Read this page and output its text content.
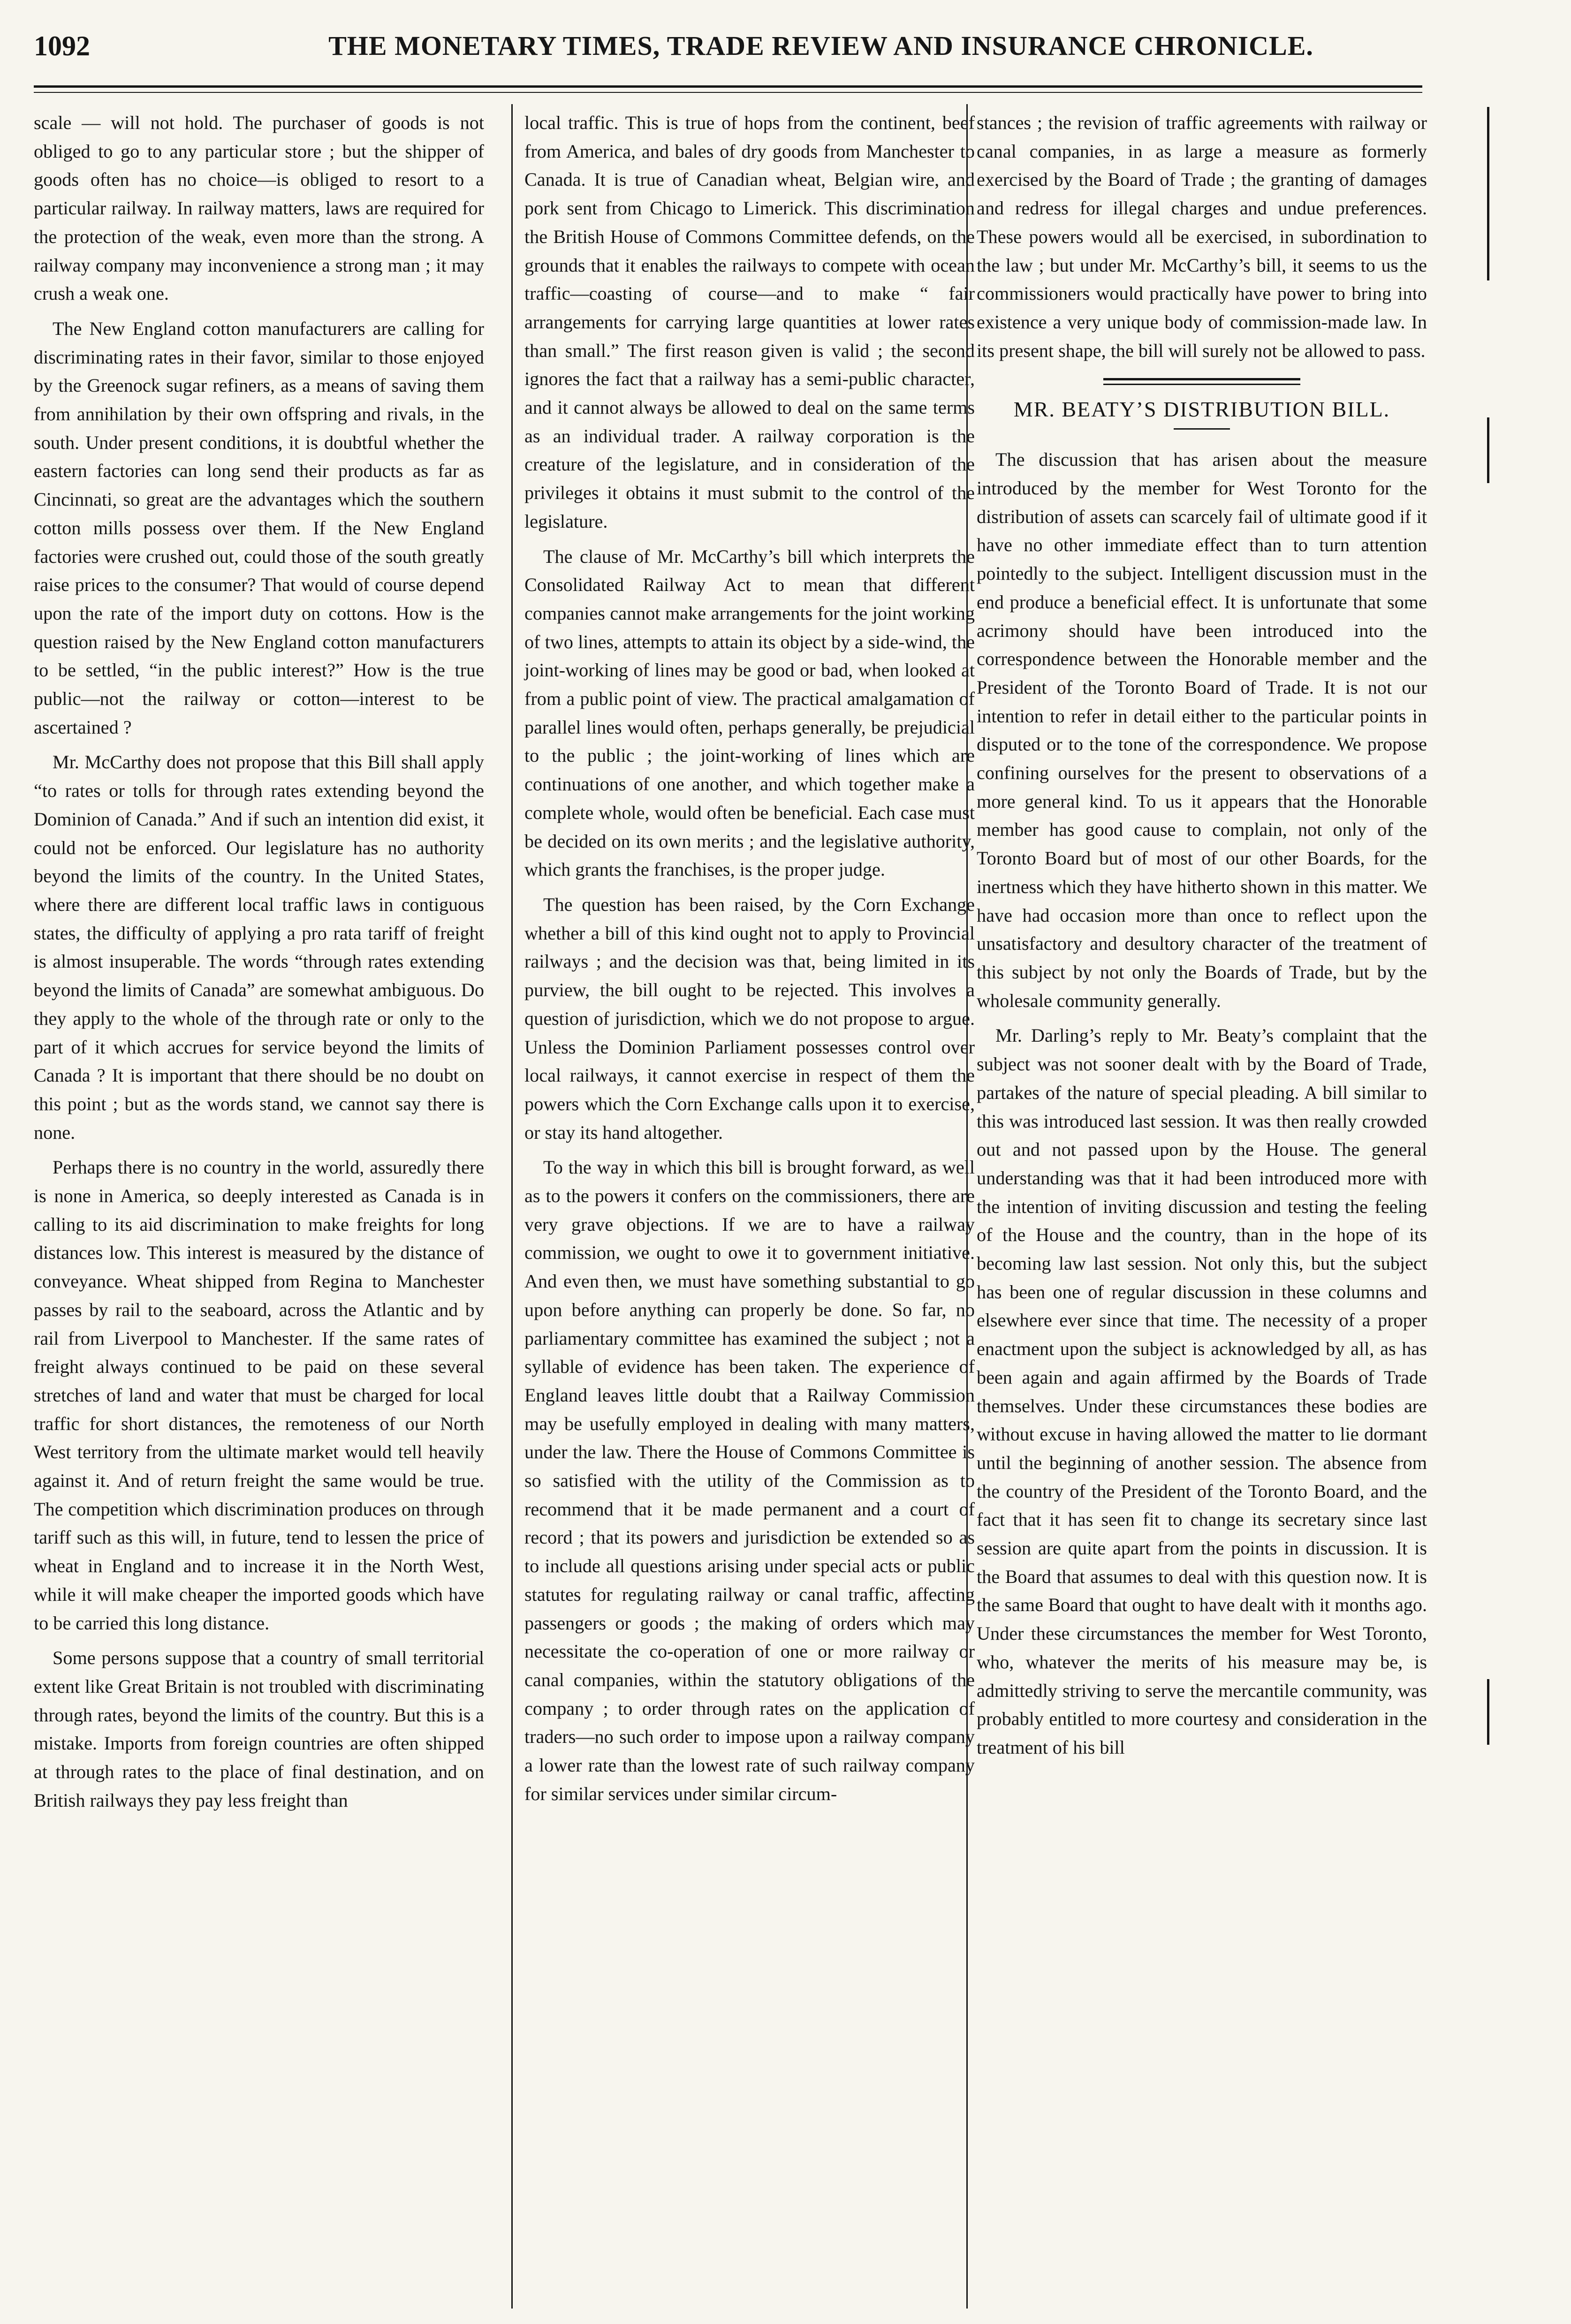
1092	THE MONETARY TIMES, TRADE REVIEW AND INSURANCE CHRONICLE.

scale — will not hold. The purchaser of goods is not obliged to go to any particular store ; but the shipper of goods often has no choice—is obliged to resort to a particular railway. In railway matters, laws are required for the protection of the weak, even more than the strong. A railway company may inconvenience a strong man ; it may crush a weak one.

The New England cotton manufacturers are calling for discriminating rates in their favor, similar to those enjoyed by the Greenock sugar refiners, as a means of saving them from annihilation by their own offspring and rivals, in the south. Under present conditions, it is doubtful whether the eastern factories can long send their products as far as Cincinnati, so great are the advantages which the southern cotton mills possess over them. If the New England factories were crushed out, could those of the south greatly raise prices to the consumer? That would of course depend upon the rate of the import duty on cottons. How is the question raised by the New England cotton manufacturers to be settled, “in the public interest?” How is the true public—not the railway or cotton—interest to be ascertained ?

Mr. McCarthy does not propose that this Bill shall apply “to rates or tolls for through rates extending beyond the Dominion of Canada.” And if such an intention did exist, it could not be enforced. Our legislature has no authority beyond the limits of the country. In the United States, where there are different local traffic laws in contiguous states, the difficulty of applying a pro rata tariff of freight is almost insuperable. The words “through rates extending beyond the limits of Canada” are somewhat ambiguous. Do they apply to the whole of the through rate or only to the part of it which accrues for service beyond the limits of Canada ? It is important that there should be no doubt on this point ; but as the words stand, we cannot say there is none.

Perhaps there is no country in the world, assuredly there is none in America, so deeply interested as Canada is in calling to its aid discrimination to make freights for long distances low. This interest is measured by the distance of conveyance. Wheat shipped from Regina to Manchester passes by rail to the seaboard, across the Atlantic and by rail from Liverpool to Manchester. If the same rates of freight always continued to be paid on these several stretches of land and water that must be charged for local traffic for short distances, the remoteness of our North West territory from the ultimate market would tell heavily against it. And of return freight the same would be true. The competition which discrimination produces on through tariff such as this will, in future, tend to lessen the price of wheat in England and to increase it in the North West, while it will make cheaper the imported goods which have to be carried this long distance.

Some persons suppose that a country of small territorial extent like Great Britain is not troubled with discriminating through rates, beyond the limits of the country. But this is a mistake. Imports from foreign countries are often shipped at through rates to the place of final destination, and on British railways they pay less freight than

local traffic. This is true of hops from the continent, beef from America, and bales of dry goods from Manchester to Canada. It is true of Canadian wheat, Belgian wire, and pork sent from Chicago to Limerick. This discrimination the British House of Commons Committee defends, on the grounds that it enables the railways to compete with ocean traffic—coasting of course—and to make “ fair arrangements for carrying large quantities at lower rates than small.” The first reason given is valid ; the second ignores the fact that a railway has a semi-public character, and it cannot always be allowed to deal on the same terms as an individual trader. A railway corporation is the creature of the legislature, and in consideration of the privileges it obtains it must submit to the control of the legislature.

The clause of Mr. McCarthy’s bill which interprets the Consolidated Railway Act to mean that different companies cannot make arrangements for the joint working of two lines, attempts to attain its object by a side-wind, the joint-working of lines may be good or bad, when looked at from a public point of view. The practical amalgamation of parallel lines would often, perhaps generally, be prejudicial to the public ; the joint-working of lines which are continuations of one another, and which together make a complete whole, would often be beneficial. Each case must be decided on its own merits ; and the legislative authority, which grants the franchises, is the proper judge.

The question has been raised, by the Corn Exchange whether a bill of this kind ought not to apply to Provincial railways ; and the decision was that, being limited in its purview, the bill ought to be rejected. This involves a question of jurisdiction, which we do not propose to argue. Unless the Dominion Parliament possesses control over local railways, it cannot exercise in respect of them the powers which the Corn Exchange calls upon it to exercise, or stay its hand altogether.

To the way in which this bill is brought forward, as well as to the powers it confers on the commissioners, there are very grave objections. If we are to have a railway commission, we ought to owe it to government initiative. And even then, we must have something substantial to go upon before anything can properly be done. So far, no parliamentary committee has examined the subject ; not a syllable of evidence has been taken. The experience of England leaves little doubt that a Railway Commission may be usefully employed in dealing with many matters, under the law. There the House of Commons Committee is so satisfied with the utility of the Commission as to recommend that it be made permanent and a court of record ; that its powers and jurisdiction be extended so as to include all questions arising under special acts or public statutes for regulating railway or canal traffic, affecting passengers or goods ; the making of orders which may necessitate the co-operation of one or more railway or canal companies, within the statutory obligations of the company ; to order through rates on the application of traders—no such order to impose upon a railway company a lower rate than the lowest rate of such railway company for similar services under similar circum-

stances ; the revision of traffic agreements with railway or canal companies, in as large a measure as formerly exercised by the Board of Trade ; the granting of damages and redress for illegal charges and undue preferences. These powers would all be exercised, in subordination to the law ; but under Mr. McCarthy’s bill, it seems to us the commissioners would practically have power to bring into existence a very unique body of commission-made law. In its present shape, the bill will surely not be allowed to pass.

MR. BEATY’S DISTRIBUTION BILL.

The discussion that has arisen about the measure introduced by the member for West Toronto for the distribution of assets can scarcely fail of ultimate good if it have no other immediate effect than to turn attention pointedly to the subject. Intelligent discussion must in the end produce a beneficial effect. It is unfortunate that some acrimony should have been introduced into the correspondence between the Honorable member and the President of the Toronto Board of Trade. It is not our intention to refer in detail either to the particular points in disputed or to the tone of the correspondence. We propose confining ourselves for the present to observations of a more general kind. To us it appears that the Honorable member has good cause to complain, not only of the Toronto Board but of most of our other Boards, for the inertness which they have hitherto shown in this matter. We have had occasion more than once to reflect upon the unsatisfactory and desultory character of the treatment of this subject by not only the Boards of Trade, but by the wholesale community generally.

Mr. Darling’s reply to Mr. Beaty’s complaint that the subject was not sooner dealt with by the Board of Trade, partakes of the nature of special pleading. A bill similar to this was introduced last session. It was then really crowded out and not passed upon by the House. The general understanding was that it had been introduced more with the intention of inviting discussion and testing the feeling of the House and the country, than in the hope of its becoming law last session. Not only this, but the subject has been one of regular discussion in these columns and elsewhere ever since that time. The necessity of a proper enactment upon the subject is acknowledged by all, as has been again and again affirmed by the Boards of Trade themselves. Under these circumstances these bodies are without excuse in having allowed the matter to lie dormant until the beginning of another session. The absence from the country of the President of the Toronto Board, and the fact that it has seen fit to change its secretary since last session are quite apart from the points in discussion. It is the Board that assumes to deal with this question now. It is the same Board that ought to have dealt with it months ago. Under these circumstances the member for West Toronto, who, whatever the merits of his measure may be, is admittedly striving to serve the mercantile community, was probably entitled to more courtesy and consideration in the treatment of his bill
